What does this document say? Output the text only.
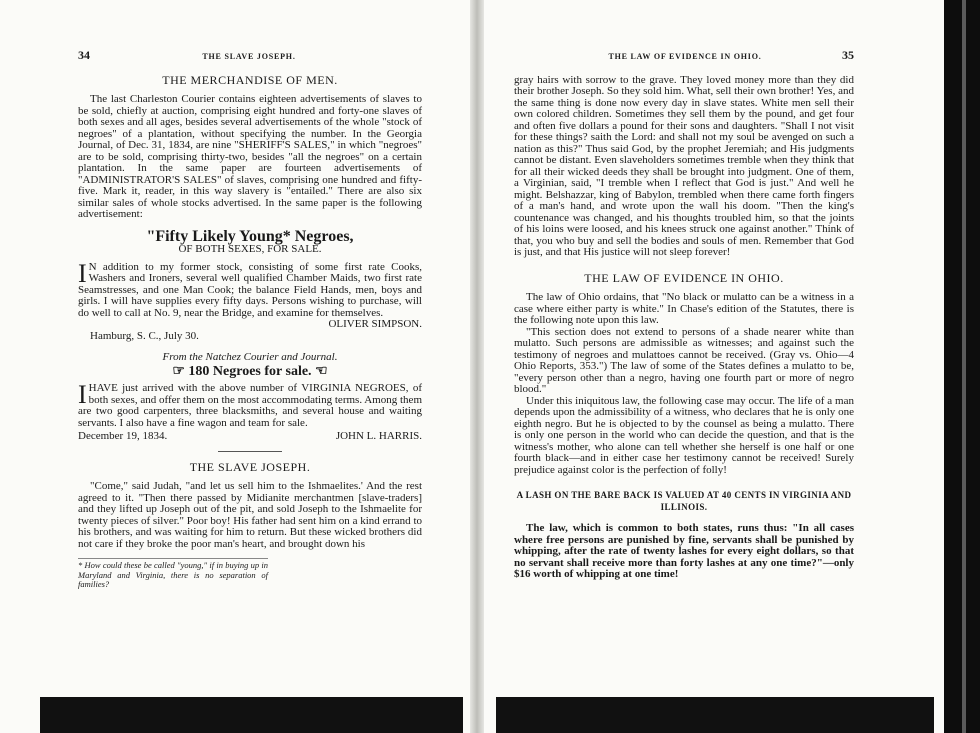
34	THE SLAVE JOSEPH.
THE MERCHANDISE OF MEN.

The last Charleston Courier contains eighteen advertisements of slaves to be sold, chiefly at auction, comprising eight hundred and forty-one slaves of both sexes and all ages, besides several advertisements of the whole "stock of negroes" of a plantation, without specifying the number. In the Georgia Journal, of Dec. 31, 1834, are nine "SHERIFF'S SALES," in which "negroes" are to be sold, comprising thirty-two, besides "all the negroes" on a certain plantation. In the same paper are fourteen advertisements of "ADMINISTRATOR'S SALES" of slaves, comprising one hundred and fifty-five. Mark it, reader, in this way slavery is "entailed." There are also six similar sales of whole stocks advertised. In the same paper is the following advertisement:

"Fifty Likely Young* Negroes,
OF BOTH SEXES, FOR SALE.

I N addition to my former stock, consisting of some first rate Cooks, Washers and Ironers, several well qualified Chamber Maids, two first rate Seamstresses, and one Man Cook; the balance Field Hands, men, boys and girls. I will have supplies every fifty days. Persons wishing to purchase, will do well to call at No. 9, near the Bridge, and examine for themselves.

OLIVER SIMPSON.

Hamburg, S. C., July 30.

From the Natchez Courier and Journal.
☞ 180 Negroes for sale. ☜

IHAVE just arrived with the above number of VIRGINIA NEGROES, of both sexes, and offer them on the most accommodating terms. Among them are two good carpenters, three blacksmiths, and several house and waiting servants. I also have a fine wagon and team for sale.

December 19, 1834.	JOHN L. HARRIS.
THE SLAVE JOSEPH.

"Come," said Judah, "and let us sell him to the Ishmaelites.' And the rest agreed to it. "Then there passed by Midianite merchantmen [slave-traders] and they lifted up Joseph out of the pit, and sold Joseph to the Ishmaelite for twenty pieces of silver." Poor boy! His father had sent him on a kind errand to his brothers, and was waiting for him to return. But these wicked brothers did not care if they broke the poor man's heart, and brought down his

* How could these be called "young," if in buying up in Maryland and Virginia, there is no separation of families?
THE LAW OF EVIDENCE IN OHIO.	35

gray hairs with sorrow to the grave. They loved money more than they did their brother Joseph. So they sold him. What, sell their own brother! Yes, and the same thing is done now every day in slave states. White men sell their own colored children. Sometimes they sell them by the pound, and get four and often five dollars a pound for their sons and daughters. "Shall I not visit for these things? saith the Lord: and shall not my soul be avenged on such a nation as this?" Thus said God, by the prophet Jeremiah; and His judgments cannot be distant. Even slaveholders sometimes tremble when they think that for all their wicked deeds they shall be brought into judgment. One of them, a Virginian, said, "I tremble when I reflect that God is just." And well he might. Belshazzar, king of Babylon, trembled when there came forth fingers of a man's hand, and wrote upon the wall his doom. "Then the king's countenance was changed, and his thoughts troubled him, so that the joints of his loins were loosed, and his knees struck one against another." Think of that, you who buy and sell the bodies and souls of men. Remember that God is just, and that His justice will not sleep forever!

THE LAW OF EVIDENCE IN OHIO.

The law of Ohio ordains, that "No black or mulatto can be a witness in a case where either party is white." In Chase's edition of the Statutes, there is the following note upon this law.

"This section does not extend to persons of a shade nearer white than mulatto. Such persons are admissible as witnesses; and against such the testimony of negroes and mulattoes cannot be received. (Gray vs. Ohio—4 Ohio Reports, 353.") The law of some of the States defines a mulatto to be, "every person other than a negro, having one fourth part or more of negro blood."

Under this iniquitous law, the following case may occur. The life of a man depends upon the admissibility of a witness, who declares that he is only one eighth negro. But he is objected to by the counsel as being a mulatto. There is only one person in the world who can decide the question, and that is the witness's mother, who alone can tell whether she herself is one half or one fourth black—and in either case her testimony cannot be received! Surely prejudice against color is the perfection of folly!

A LASH ON THE BARE BACK IS VALUED AT 40 CENTS IN VIRGINIA AND ILLINOIS.

The law, which is common to both states, runs thus: "In all cases where free persons are punished by fine, servants shall be punished by whipping, after the rate of twenty lashes for every eight dollars, so that no servant shall receive more than forty lashes at any one time?"—only $16 worth of whipping at one time!
